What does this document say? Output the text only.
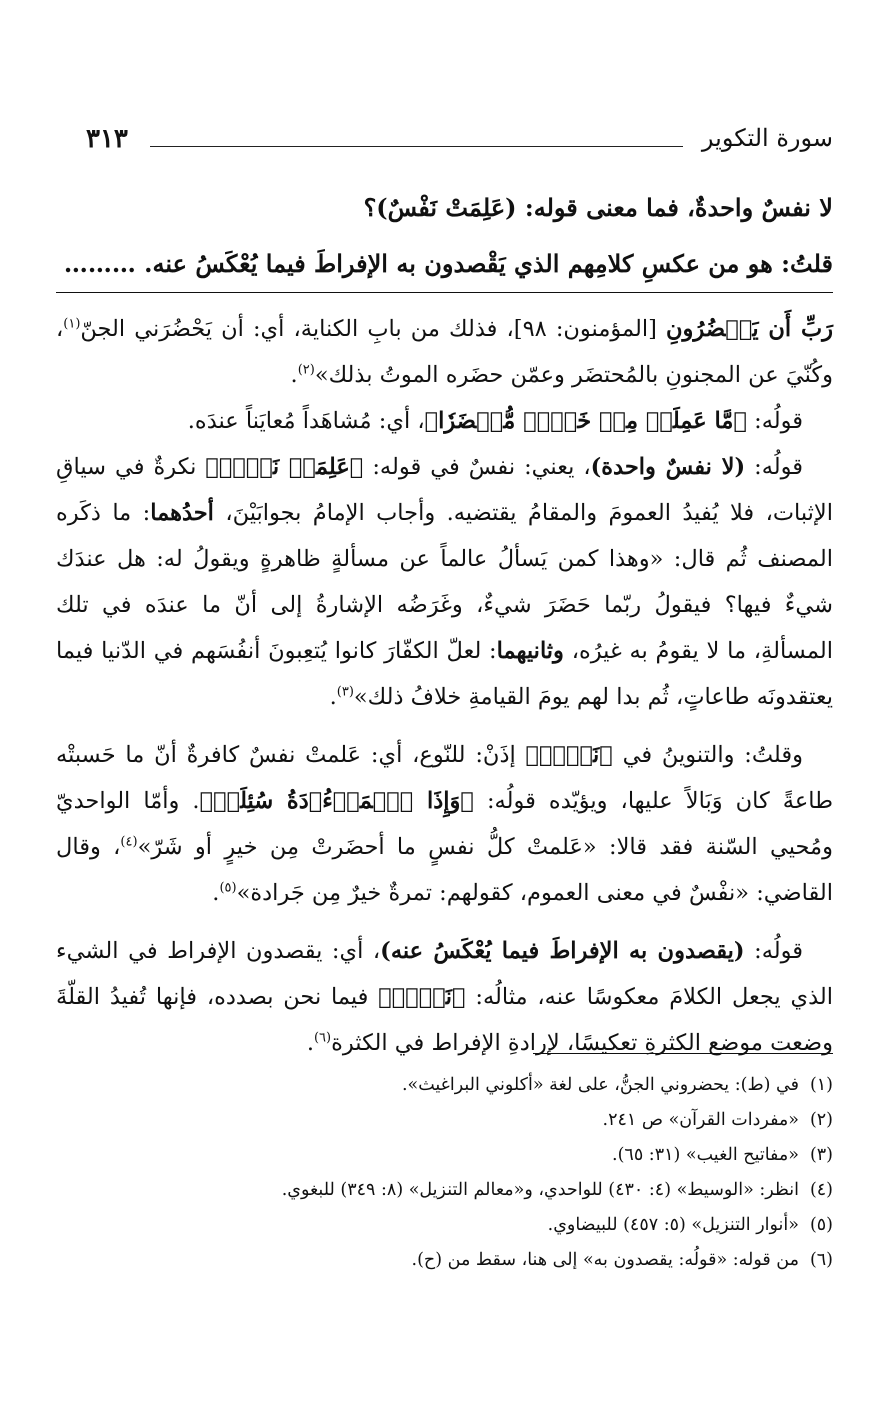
سورة التكوير
٣١٣

لا نفسٌ واحدةٌ، فما معنى قوله: (عَلِمَتْ نَفْسٌ)؟

قلتُ: هو من عكسِ كلامِهم الذي يَقْصدون به الإفراطَ فيما يُعْكَسُ عنه. ………

رَبِّ أَن يَحۡضُرُونِ [المؤمنون: ٩٨]، فذلك من بابِ الكناية، أي: أن يَحْضُرَني الجنّ$^{(١)}$، وكُنّيَ عن المجنونِ بالمُحتضَر وعمّن حضَره الموتُ بذلك»$^{(٢)}$.

قولُه: ﴿مَّا عَمِلَتۡ مِنۡ خَيۡرٖ مُّحۡضَرٗا﴾، أي: مُشاهَداً مُعايَناً عندَه.

قولُه: (لا نفسٌ واحدة)، يعني: نفسٌ في قوله: ﴿عَلِمَتۡ نَفۡسٞ﴾ نكرةٌ في سياقِ الإثبات، فلا يُفيدُ العمومَ والمقامُ يقتضيه. وأجاب الإمامُ بجوابَيْنَ، أحدُهما: ما ذكَره المصنف ثُم قال: «وهذا كمن يَسألُ عالماً عن مسألةٍ ظاهرةٍ ويقولُ له: هل عندَك شيءٌ فيها؟ فيقولُ ربّما حَضَرَ شيءٌ، وغَرَضُه الإشارةُ إلى أنّ ما عندَه في تلك المسألةِ، ما لا يقومُ به غيرُه، وثانيهما: لعلّ الكفّارَ كانوا يُتعِبونَ أنفُسَهم في الدّنيا فيما يعتقدونَه طاعاتٍ، ثُم بدا لهم يومَ القيامةِ خلافُ ذلك»$^{(٣)}$.

وقلتُ: والتنوينُ في ﴿نَفۡسٞ﴾ إذَنْ: للنّوع، أي: عَلمتْ نفسٌ كافرةٌ أنّ ما حَسبتْه طاعةً كان وَبَالاً عليها، ويؤيّده قولُه: ﴿وَإِذَا ٱلۡمَوۡءُۥدَةُ سُئِلَتۡ﴾. وأمّا الواحديّ ومُحيي السّنة فقد قالا: «عَلمتْ كلُّ نفسٍ ما أحضَرتْ مِن خيرٍ أو شَرّ»$^{(٤)}$، وقال القاضي: «نفْسٌ في معنى العموم، كقولهم: تمرةٌ خيرٌ مِن جَرادة»$^{(٥)}$.

قولُه: (يقصدون به الإفراطَ فيما يُعْكَسُ عنه)، أي: يقصدون الإفراط في الشيء الذي يجعل الكلامَ معكوسًا عنه، مثالُه: ﴿نَفۡسٞ﴾ فيما نحن بصدده، فإنها تُفيدُ القلّةَ وضعت موضع الكثرةِ تعكيسًا، لإرادةِ الإفراط في الكثرة$^{(٦)}$.

(١)في (ط): يحضروني الجنُّ، على لغة «أكلوني البراغيث».

(٢)«مفردات القرآن» ص ٢٤١.

(٣)«مفاتيح الغيب» (٣١: ٦٥).

(٤)انظر: «الوسيط» (٤: ٤٣٠) للواحدي، و«معالم التنزيل» (٨: ٣٤٩) للبغوي.

(٥)«أنوار التنزيل» (٥: ٤٥٧) للبيضاوي.

(٦)من قوله: «قولُه: يقصدون به» إلى هنا، سقط من (ح).
